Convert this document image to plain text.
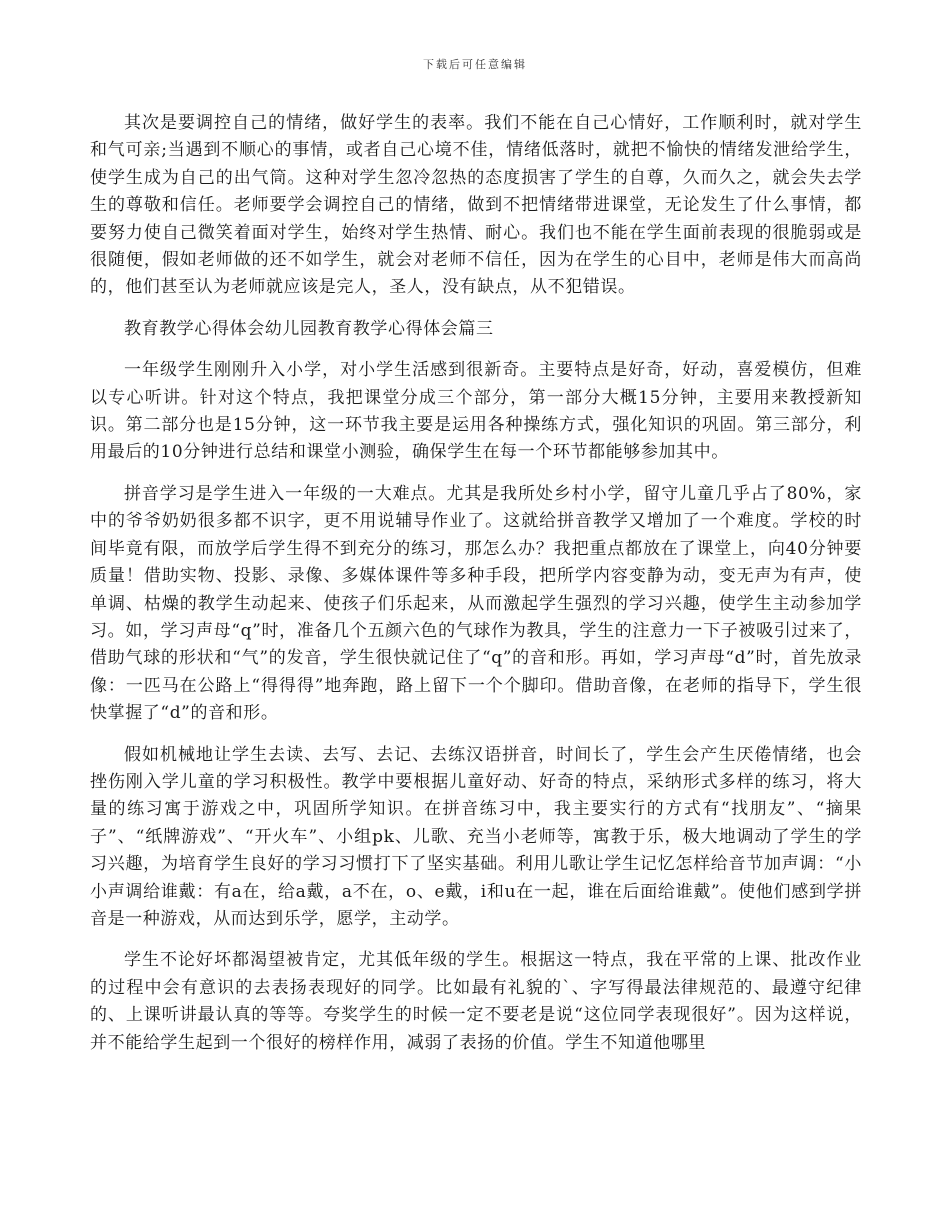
下载后可任意编辑

其次是要调控自己的情绪，做好学生的表率。我们不能在自己心情好，工作顺利时，就对学生和气可亲;当遇到不顺心的事情，或者自己心境不佳，情绪低落时，就把不愉快的情绪发泄给学生，使学生成为自己的出气筒。这种对学生忽冷忽热的态度损害了学生的自尊，久而久之，就会失去学生的尊敬和信任。老师要学会调控自己的情绪，做到不把情绪带进课堂，无论发生了什么事情，都要努力使自己微笑着面对学生，始终对学生热情、耐心。我们也不能在学生面前表现的很脆弱或是很随便，假如老师做的还不如学生，就会对老师不信任，因为在学生的心目中，老师是伟大而高尚的，他们甚至认为老师就应该是完人，圣人，没有缺点，从不犯错误。

教育教学心得体会幼儿园教育教学心得体会篇三

一年级学生刚刚升入小学，对小学生活感到很新奇。主要特点是好奇，好动，喜爱模仿，但难以专心听讲。针对这个特点，我把课堂分成三个部分，第一部分大概15分钟，主要用来教授新知识。第二部分也是15分钟，这一环节我主要是运用各种操练方式，强化知识的巩固。第三部分，利用最后的10分钟进行总结和课堂小测验，确保学生在每一个环节都能够参加其中。

拼音学习是学生进入一年级的一大难点。尤其是我所处乡村小学，留守儿童几乎占了80%，家中的爷爷奶奶很多都不识字，更不用说辅导作业了。这就给拼音教学又增加了一个难度。学校的时间毕竟有限，而放学后学生得不到充分的练习，那怎么办？我把重点都放在了课堂上，向40分钟要质量！借助实物、投影、录像、多媒体课件等多种手段，把所学内容变静为动，变无声为有声，使单调、枯燥的教学生动起来、使孩子们乐起来，从而激起学生强烈的学习兴趣，使学生主动参加学习。如，学习声母“q”时，准备几个五颜六色的气球作为教具，学生的注意力一下子被吸引过来了，借助气球的形状和“气”的发音，学生很快就记住了“q”的音和形。再如，学习声母“d”时，首先放录像：一匹马在公路上“得得得”地奔跑，路上留下一个个脚印。借助音像，在老师的指导下，学生很快掌握了“d”的音和形。

假如机械地让学生去读、去写、去记、去练汉语拼音，时间长了，学生会产生厌倦情绪，也会挫伤刚入学儿童的学习积极性。教学中要根据儿童好动、好奇的特点，采纳形式多样的练习，将大量的练习寓于游戏之中，巩固所学知识。在拼音练习中，我主要实行的方式有“找朋友”、“摘果子”、“纸牌游戏”、“开火车”、小组pk、儿歌、充当小老师等，寓教于乐，极大地调动了学生的学习兴趣，为培育学生良好的学习习惯打下了坚实基础。利用儿歌让学生记忆怎样给音节加声调：“小小声调给谁戴：有a在，给a戴，a不在，o、e戴，i和u在一起，谁在后面给谁戴”。使他们感到学拼音是一种游戏，从而达到乐学，愿学，主动学。

学生不论好坏都渴望被肯定，尤其低年级的学生。根据这一特点，我在平常的上课、批改作业的过程中会有意识的去表扬表现好的同学。比如最有礼貌的`、字写得最法律规范的、最遵守纪律的、上课听讲最认真的等等。夸奖学生的时候一定不要老是说“这位同学表现很好”。因为这样说，并不能给学生起到一个很好的榜样作用，减弱了表扬的价值。学生不知道他哪里
